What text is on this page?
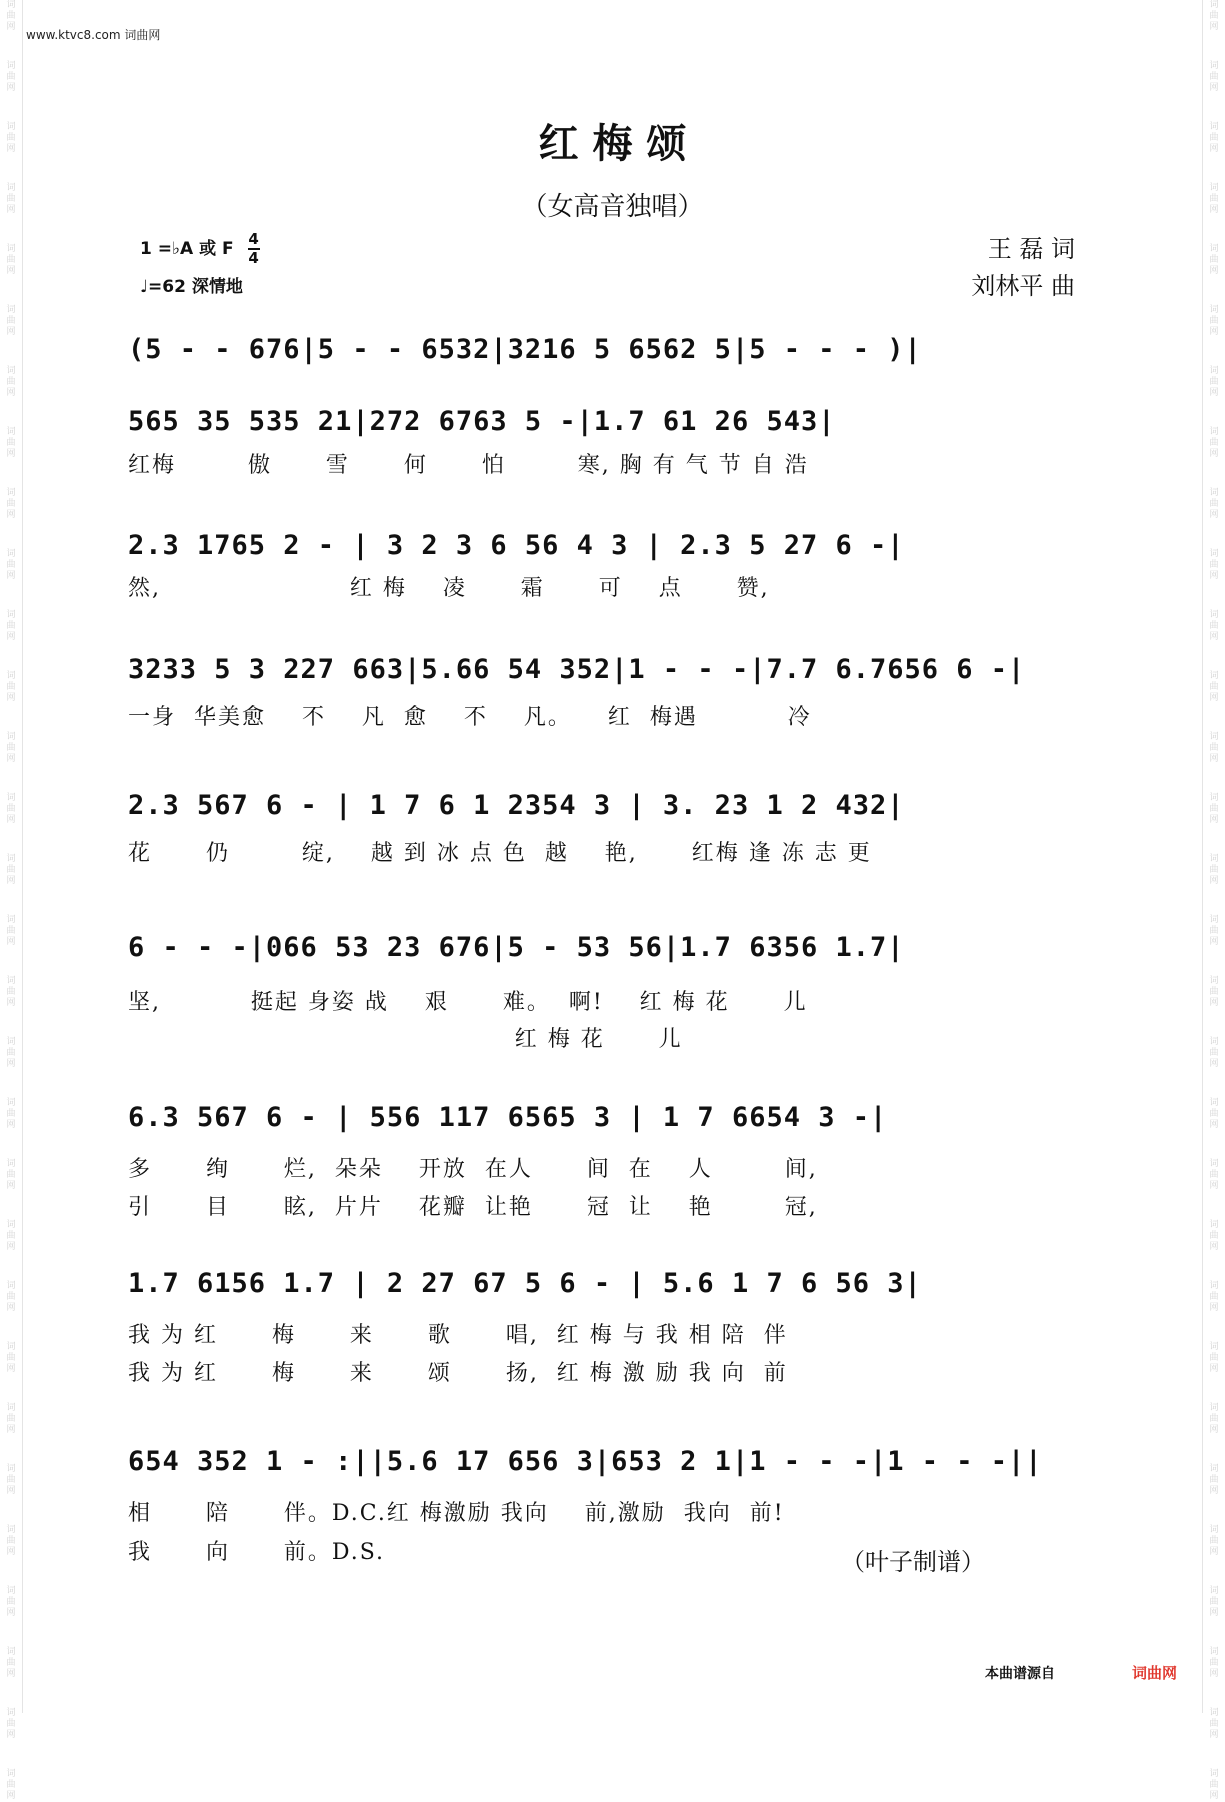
词
曲
网
词
曲
网
词
曲
网
词
曲
网
词
曲
网
词
曲
网
词
曲
网
词
曲
网
词
曲
网
词
曲
网
词
曲
网
词
曲
网
词
曲
网
词
曲
网
词
曲
网
词
曲
网
词
曲
网
词
曲
网
词
曲
网
词
曲
网
词
曲
网
词
曲
网
词
曲
网
词
曲
网
词
曲
网
词
曲
网
词
曲
网
词
曲
网
词
曲
网
词
曲
网
词
曲
网
词
曲
网
词
曲
网
词
曲
网
词
曲
网
词
曲
网
词
曲
网
词
曲
网
词
曲
网
词
曲
网
词
曲
网
词
曲
网
词
曲
网
词
曲
网
词
曲
网
词
曲
网
词
曲
网
词
曲
网
词
曲
网
词
曲
网
词
曲
网
词
曲
网
词
曲
网
词
曲
网
词
曲
网
词
曲
网
词
曲
网
词
曲
网
词
曲
网
词
曲
网
www.ktvc8.com 词曲网
红 梅 颂
（女高音独唱）
1 =♭A 或 F $\frac{4}{4}$
♩=62 深情地
王 磊 词
刘林平 曲
(5 - - 676|5 - - 6532|3216 5 6562 5|5 - - - )|
565 35 535 21|272 6763 5 -|1.7 61 26 543|
红梅        傲      雪      何      怕        寒, 胸 有 气 节 自 浩
2.3 1765 2 - | 3 2 3 6 56 4 3 | 2.3 5 27 6 -|
然,                     红 梅    凌      霜      可    点      赞,
3233 5 3 227 663|5.66 54 352|1 - - -|7.7 6.7656 6 -|
一身  华美愈    不    凡  愈    不    凡。    红  梅遇          冷
2.3 567 6 - | 1 7 6 1 2354 3 | 3. 23 1 2 432|
花      仍        绽,    越 到 冰 点 色  越    艳,      红梅 逢 冻 志 更
6 - - -|066 53 23 676|5 - 53 56|1.7 6356 1.7|
坚,          挺起 身姿 战    艰      难。  啊!    红 梅 花      儿
红 梅 花      儿
6.3 567 6 - | 556 117 6565 3 | 1 7 6654 3 -|
多      绚      烂,  朵朵    开放  在人      间  在    人        间,
引      目      眩,  片片    花瓣  让艳      冠  让    艳        冠,
1.7 6156 1.7 | 2 27 67 5 6 - | 5.6 1 7 6 56 3|
我 为 红      梅      来      歌      唱,  红 梅 与 我 相 陪  伴
我 为 红      梅      来      颂      扬,  红 梅 激 励 我 向  前
654 352 1 - :||5.6 17 656 3|653 2 1|1 - - -|1 - - -||
相      陪      伴。D.C.红 梅激励 我向    前,激励  我向  前!
我      向      前。D.S.	（叶子制谱）
本曲谱源自	词曲网
